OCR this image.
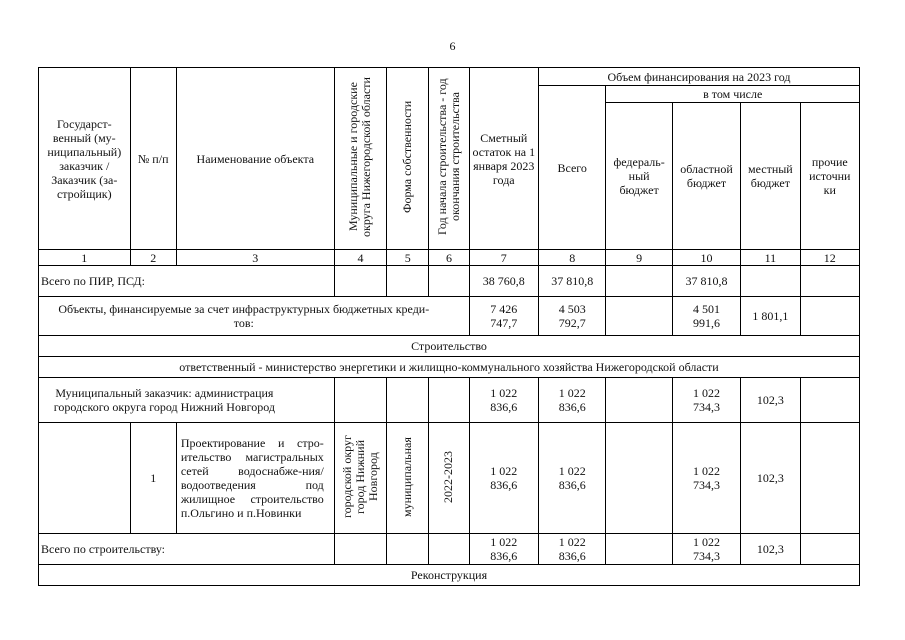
6
Государст-венный (му-ниципальный) заказчик / Заказчик (за-стройщик)	№ п/п	Наименование объекта	Муниципальные и городские округа Нижегородской области	Форма собственности	Год начала строительства - год окончания строительства	Сметный остаток на 1 января 2023 года	Объем финансирования на 2023 год				
							Всего	в том числе			
								федераль-ный бюджет	областной бюджет	местный бюджет	прочие источни ки
1	2	3	4	5	6	7	8	9	10	11	12
Всего по ПИР, ПСД:						38 760,8	37 810,8		37 810,8		
Объекты, финансируемые за счет инфраструктурных бюджетных креди-тов:						7 426 747,7	4 503 792,7		4 501 991,6	1 801,1	
Строительство											
ответственный - министерство энергетики и жилищно-коммунального хозяйства Нижегородской области											
Муниципальный заказчик: администрация городского округа город Нижний Новгород						1 022 836,6	1 022 836,6		1 022 734,3	102,3	
	1	Проектирование и стро-ительство магистральных сетей водоснабже-ния/водоотведения под жилищное строительство п.Ольгино и п.Новинки	городской округ город Нижний Новгород	муниципальная	2022-2023	1 022 836,6	1 022 836,6		1 022 734,3	102,3	
Всего по строительству:						1 022 836,6	1 022 836,6		1 022 734,3	102,3	
Реконструкция											
